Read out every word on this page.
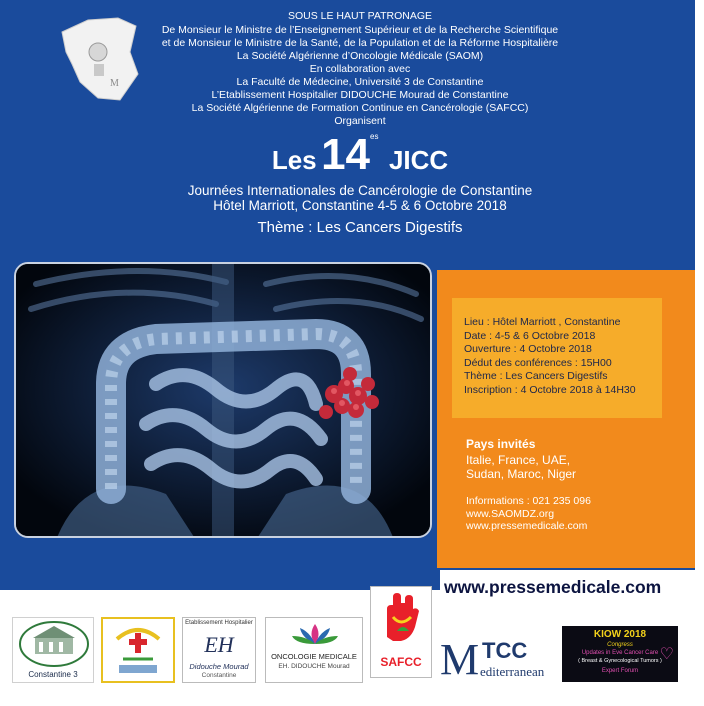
M
SOUS LE HAUT PATRONAGE
De Monsieur le Ministre de l’Enseignement Supérieur et de la Recherche Scientifique
et de Monsieur le Ministre de la Santé, de la Population et de la Réforme Hospitalière
La Société Algérienne d’Oncologie Médicale (SAOM)
En collaboration avec
La Faculté de Médecine, Université 3 de Constantine
L’Etablissement Hospitalier DIDOUCHE Mourad de Constantine
La Société Algérienne de Formation Continue en Cancérologie (SAFCC)
Organisent
Les $14^{es}$ JICC
Journées Internationales de Cancérologie de Constantine
Hôtel Marriott, Constantine 4-5 & 6 Octobre 2018
Thème : Les Cancers Digestifs
Lieu : Hôtel Marriott , Constantine
Date : 4-5 & 6 Octobre 2018
Ouverture : 4 Octobre 2018
Dédut des conférences : 15H00
Thème : Les Cancers Digestifs
Inscription : 4 Octobre 2018 à 14H30
Pays invités
Italie, France, UAE, Sudan, Maroc, Niger
Informations : 021 235 096
www.SAOMDZ.org
www.pressemedicale.com
www.pressemedicale.com
Constantine 3
Etablissement Hospitalier
EH
Didouche Mourad
Constantine
ONCOLOGIE MEDICALE
EH. DIDOUCHE Mourad	SAFCC M TCC
editerranean
KIOW 2018
Congress
Updates in Eve Cancer Care
( Breast & Gynecological Tumors )
Expert Forum
♡
